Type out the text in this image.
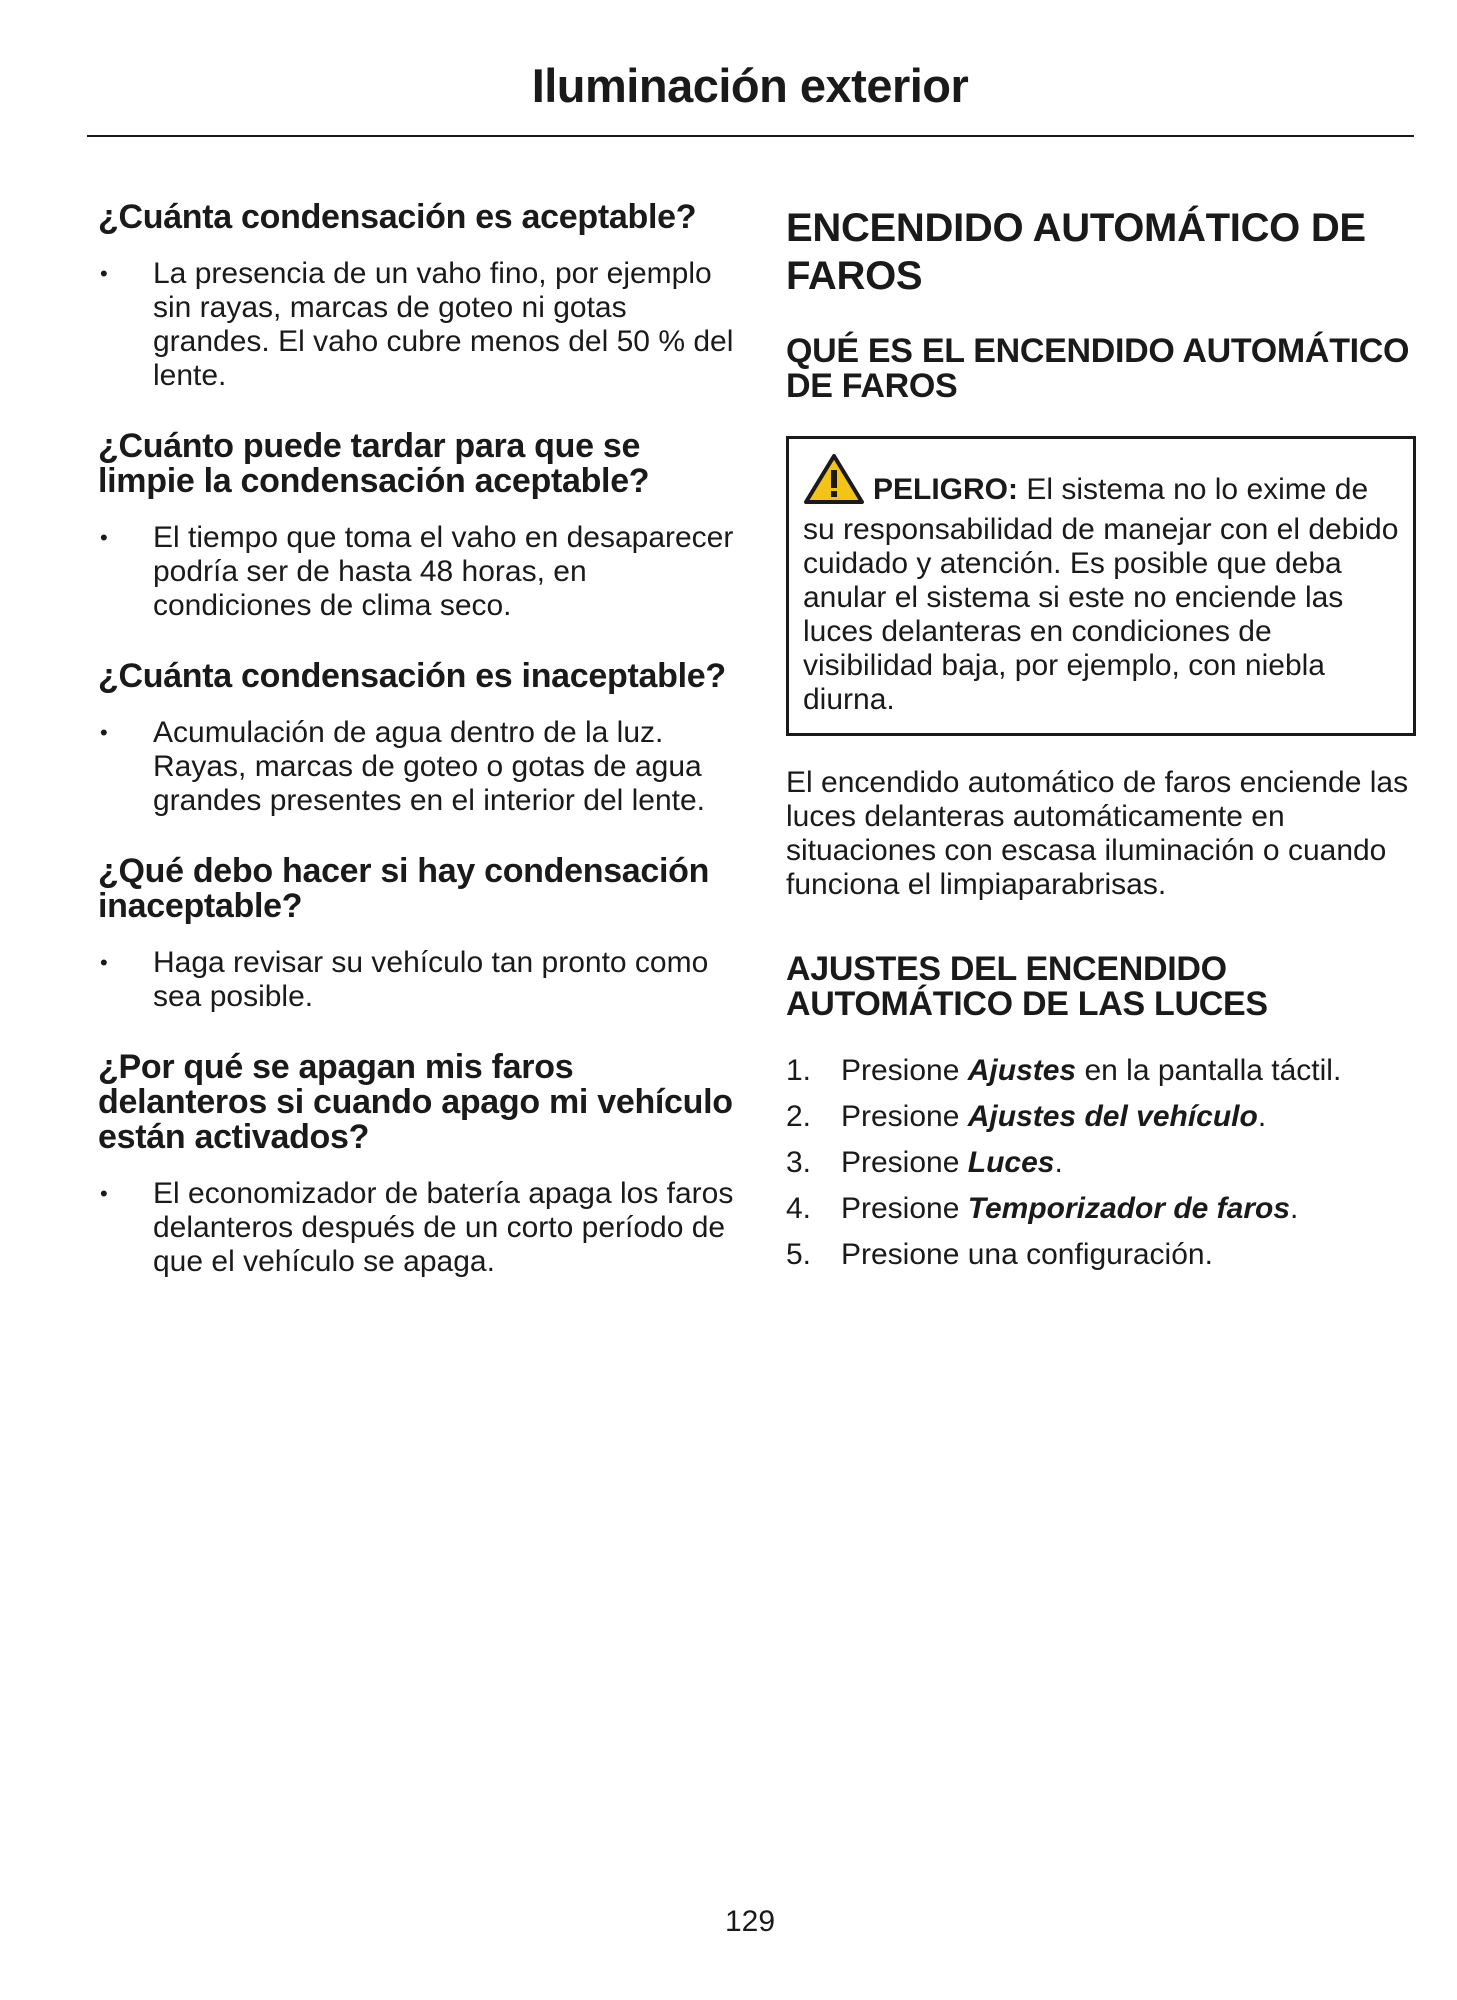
Iluminación exterior
¿Cuánta condensación es aceptable?
• La presencia de un vaho fino, por ejemplo sin rayas, marcas de goteo ni gotas grandes. El vaho cubre menos del 50 % del lente.
¿Cuánto puede tardar para que se limpie la condensación aceptable?
• El tiempo que toma el vaho en desaparecer podría ser de hasta 48 horas, en condiciones de clima seco.
¿Cuánta condensación es inaceptable?
• Acumulación de agua dentro de la luz. Rayas, marcas de goteo o gotas de agua grandes presentes en el interior del lente.
¿Qué debo hacer si hay condensación inaceptable?
• Haga revisar su vehículo tan pronto como sea posible.
¿Por qué se apagan mis faros delanteros si cuando apago mi vehículo están activados?
• El economizador de batería apaga los faros delanteros después de un corto período de que el vehículo se apaga.
ENCENDIDO AUTOMÁTICO DE FAROS
QUÉ ES EL ENCENDIDO AUTOMÁTICO DE FAROS
PELIGRO: El sistema no lo exime de su responsabilidad de manejar con el debido cuidado y atención. Es posible que deba anular el sistema si este no enciende las luces delanteras en condiciones de visibilidad baja, por ejemplo, con niebla diurna.
El encendido automático de faros enciende las luces delanteras automáticamente en situaciones con escasa iluminación o cuando funciona el limpiaparabrisas.
AJUSTES DEL ENCENDIDO AUTOMÁTICO DE LAS LUCES
1. Presione Ajustes en la pantalla táctil.
2. Presione Ajustes del vehículo.
3. Presione Luces.
4. Presione Temporizador de faros.
5. Presione una configuración.
129
